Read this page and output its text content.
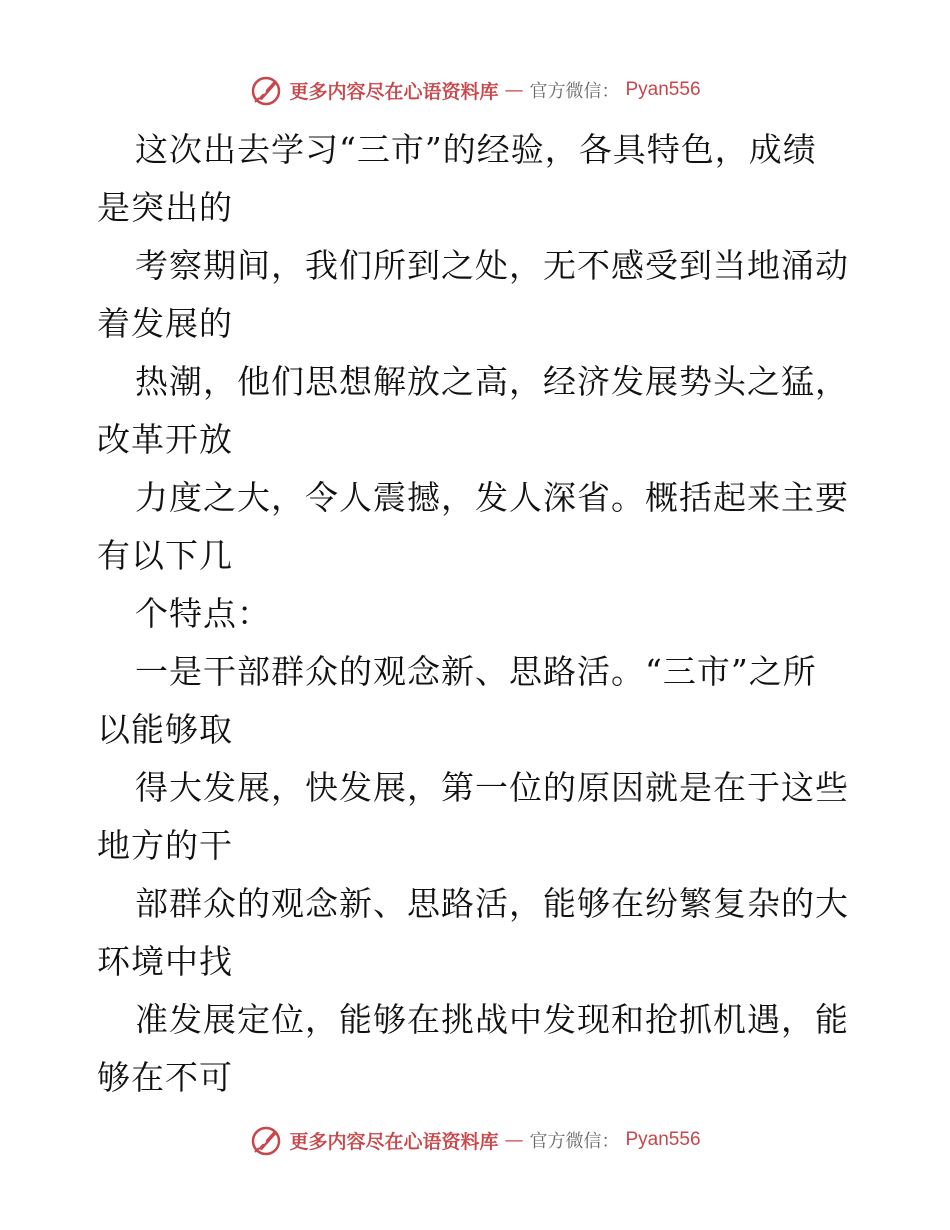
更多内容尽在心语资料库 — 官方微信： Pyan556
这次出去学习“三市”的经验，各具特色，成绩
是突出的
考察期间，我们所到之处，无不感受到当地涌动
着发展的
热潮，他们思想解放之高，经济发展势头之猛，
改革开放
力度之大，令人震撼，发人深省。概括起来主要
有以下几
个特点：
一是干部群众的观念新、思路活。“三市”之所
以能够取
得大发展，快发展，第一位的原因就是在于这些
地方的干
部群众的观念新、思路活，能够在纷繁复杂的大
环境中找
准发展定位，能够在挑战中发现和抢抓机遇，能
够在不可
更多内容尽在心语资料库 — 官方微信： Pyan556
